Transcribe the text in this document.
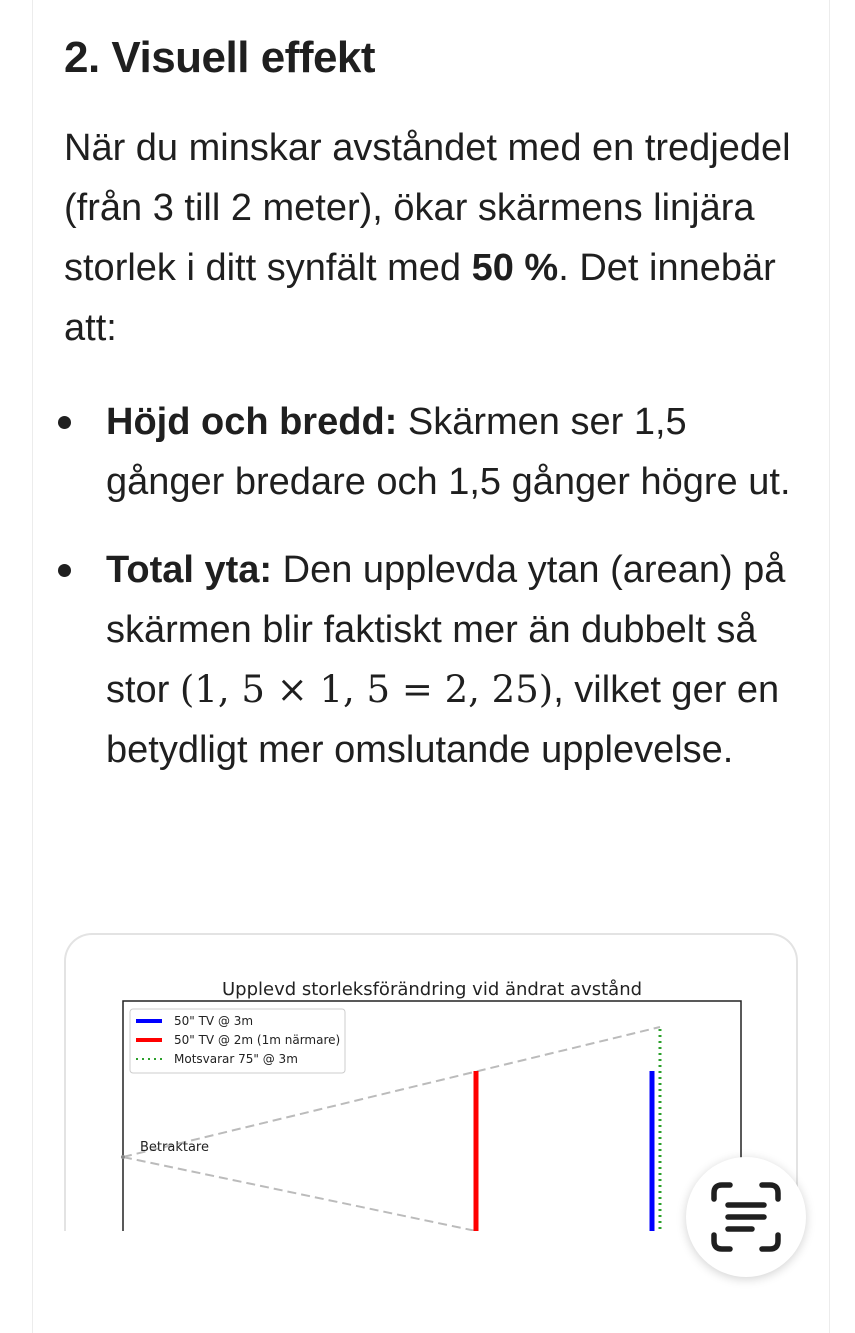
2. Visuell effekt

När du minskar avståndet med en tredjedel (från 3 till 2 meter), ökar skärmens linjära storlek i ditt synfält med 50 %. Det innebär att:

Höjd och bredd: Skärmen ser 1,5 gånger bredare och 1,5 gånger högre ut.
Total yta: Den upplevda ytan (arean) på skärmen blir faktiskt mer än dubbelt så stor (1, 5 × 1, 5 = 2, 25), vilket ger en betydligt mer omslutande upplevelse.
Upplevd storleksförändring vid ändrat avstånd
Betraktare
50" TV @ 3m
50" TV @ 2m (1m närmare)
Motsvarar 75" @ 3m
